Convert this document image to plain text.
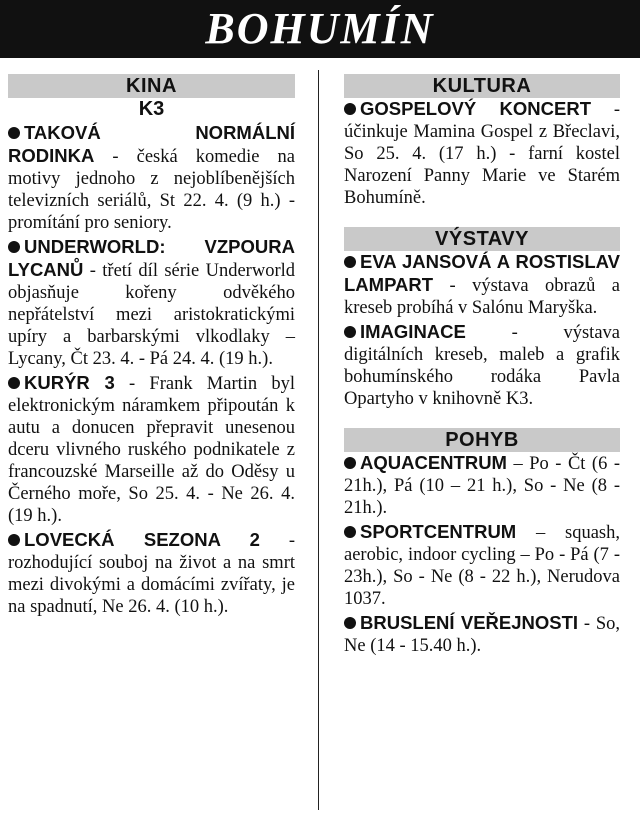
BOHUMÍN
KINA
K3

TAKOVÁ NORMÁLNÍ RODINKA - česká komedie na motivy jednoho z nejoblíbenějších televizních seriálů, St 22. 4. (9 h.) - promítání pro seniory.

UNDERWORLD: VZPOURA LYCANŮ - třetí díl série Underworld objasňuje kořeny odvěkého nepřátelství mezi aristokratickými upíry a barbarskými vlkodlaky – Lycany, Čt 23. 4. - Pá 24. 4. (19 h.).

KURÝR 3 - Frank Martin byl elektronickým náramkem připoután k autu a donucen přepravit unesenou dceru vlivného ruského podnikatele z francouzské Marseille až do Oděsy u Černého moře, So 25. 4. - Ne 26. 4. (19 h.).

LOVECKÁ SEZONA 2 - rozhodující souboj na život a na smrt mezi divokými a domácími zvířaty, je na spadnutí, Ne 26. 4. (10 h.).

KULTURA

GOSPELOVÝ KONCERT - účinkuje Mamina Gospel z Břeclavi, So 25. 4. (17 h.) - farní kostel Narození Panny Marie ve Starém Bohumíně.

VÝSTAVY

EVA JANSOVÁ A ROSTISLAV LAMPART - výstava obrazů a kreseb probíhá v Salónu Maryška.

IMAGINACE - výstava digitálních kreseb, maleb a grafik bohumínského rodáka Pavla Opartyho v knihovně K3.

POHYB

AQUACENTRUM – Po - Čt (6 - 21h.), Pá (10 – 21 h.), So - Ne (8 - 21h.).

SPORTCENTRUM – squash, aerobic, indoor cycling – Po - Pá (7 - 23h.), So - Ne (8 - 22 h.), Nerudova 1037.

BRUSLENÍ VEŘEJNOSTI - So, Ne (14 - 15.40 h.).
